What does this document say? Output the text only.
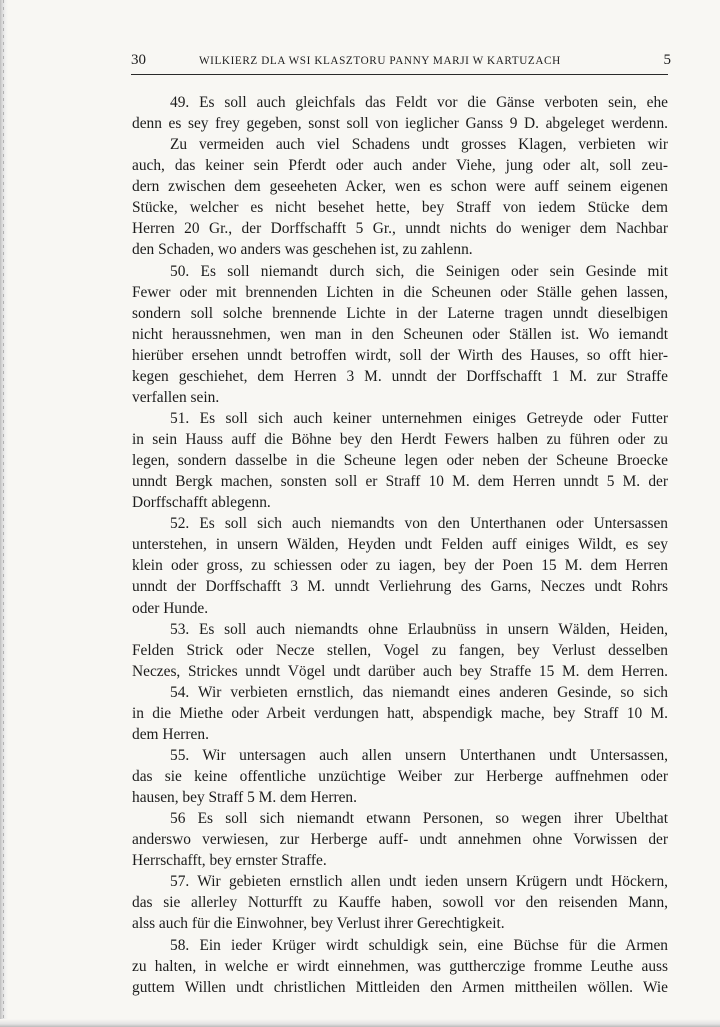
30	WILKIERZ DLA WSI KLASZTORU PANNY MARJI W KARTUZACH	5
49. Es soll auch gleichfals das Feldt vor die Gänse verboten sein, ehe
denn es sey frey gegeben, sonst soll von ieglicher Ganss 9 D. abgeleget werdenn.
Zu vermeiden auch viel Schadens undt grosses Klagen, verbieten wir
auch, das keiner sein Pferdt oder auch ander Viehe, jung oder alt, soll zeu-
dern zwischen dem geseeheten Acker, wen es schon were auff seinem eigenen
Stücke, welcher es nicht besehet hette, bey Straff von iedem Stücke dem
Herren 20 Gr., der Dorffschafft 5 Gr., unndt nichts do weniger dem Nachbar
den Schaden, wo anders was geschehen ist, zu zahlenn.
50. Es soll niemandt durch sich, die Seinigen oder sein Gesinde mit
Fewer oder mit brennenden Lichten in die Scheunen oder Ställe gehen lassen,
sondern soll solche brennende Lichte in der Laterne tragen unndt dieselbigen
nicht heraussnehmen, wen man in den Scheunen oder Ställen ist. Wo iemandt
hierüber ersehen unndt betroffen wirdt, soll der Wirth des Hauses, so offt hier-
kegen geschiehet, dem Herren 3 M. unndt der Dorffschafft 1 M. zur Straffe
verfallen sein.
51. Es soll sich auch keiner unternehmen einiges Getreyde oder Futter
in sein Hauss auff die Böhne bey den Herdt Fewers halben zu führen oder zu
legen, sondern dasselbe in die Scheune legen oder neben der Scheune Broecke
unndt Bergk machen, sonsten soll er Straff 10 M. dem Herren unndt 5 M. der
Dorffschafft ablegenn.
52. Es soll sich auch niemandts von den Unterthanen oder Untersassen
unterstehen, in unsern Wälden, Heyden undt Felden auff einiges Wildt, es sey
klein oder gross, zu schiessen oder zu iagen, bey der Poen 15 M. dem Herren
unndt der Dorffschafft 3 M. unndt Verliehrung des Garns, Neczes undt Rohrs
oder Hunde.
53. Es soll auch niemandts ohne Erlaubnüss in unsern Wälden, Heiden,
Felden Strick oder Necze stellen, Vogel zu fangen, bey Verlust desselben
Neczes, Strickes unndt Vögel undt darüber auch bey Straffe 15 M. dem Herren.
54. Wir verbieten ernstlich, das niemandt eines anderen Gesinde, so sich
in die Miethe oder Arbeit verdungen hatt, abspendigk mache, bey Straff 10 M.
dem Herren.
55. Wir untersagen auch allen unsern Unterthanen undt Untersassen,
das sie keine offentliche unzüchtige Weiber zur Herberge auffnehmen oder
hausen, bey Straff 5 M. dem Herren.
56 Es soll sich niemandt etwann Personen, so wegen ihrer Ubelthat
anderswo verwiesen, zur Herberge auff- undt annehmen ohne Vorwissen der
Herrschafft, bey ernster Straffe.
57. Wir gebieten ernstlich allen undt ieden unsern Krügern undt Höckern,
das sie allerley Notturfft zu Kauffe haben, sowoll vor den reisenden Mann,
alss auch für die Einwohner, bey Verlust ihrer Gerechtigkeit.
58. Ein ieder Krüger wirdt schuldigk sein, eine Büchse für die Armen
zu halten, in welche er wirdt einnehmen, was guttherczige fromme Leuthe auss
guttem Willen undt christlichen Mittleiden den Armen mittheilen wöllen. Wie
